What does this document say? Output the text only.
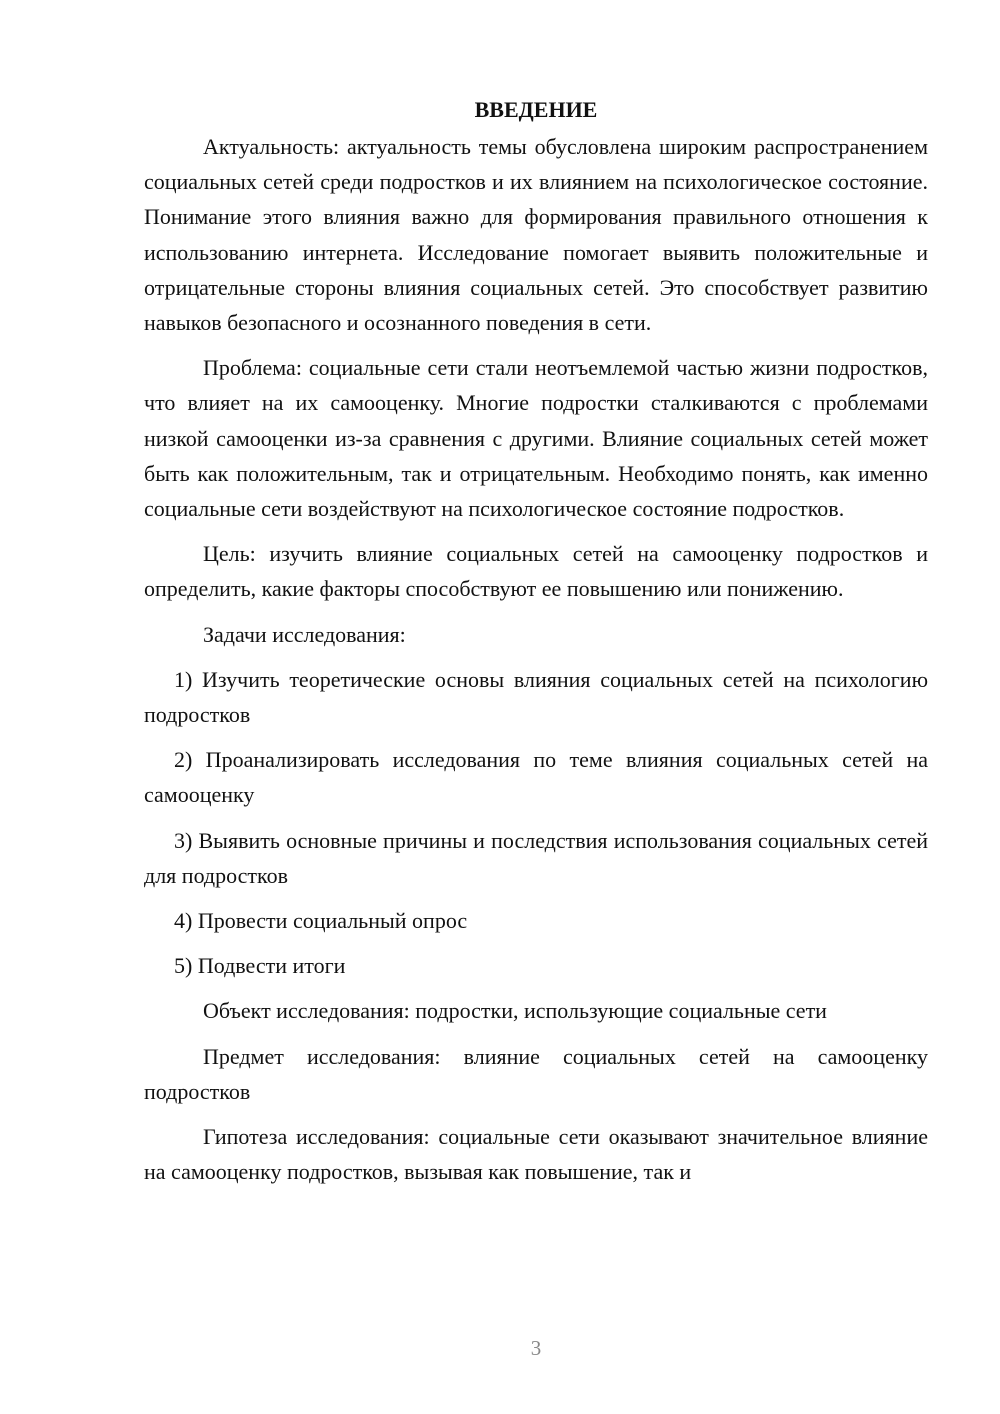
ВВЕДЕНИЕ

Актуальность: актуальность темы обусловлена широким распространением социальных сетей среди подростков и их влиянием на психологическое состояние. Понимание этого влияния важно для формирования правильного отношения к использованию интернета. Исследование помогает выявить положительные и отрицательные стороны влияния социальных сетей. Это способствует развитию навыков безопасного и осознанного поведения в сети.

Проблема: социальные сети стали неотъемлемой частью жизни подростков, что влияет на их самооценку. Многие подростки сталкиваются с проблемами низкой самооценки из-за сравнения с другими. Влияние социальных сетей может быть как положительным, так и отрицательным. Необходимо понять, как именно социальные сети воздействуют на психологическое состояние подростков.

Цель: изучить влияние социальных сетей на самооценку подростков и определить, какие факторы способствуют ее повышению или понижению.

Задачи исследования:

1) Изучить теоретические основы влияния социальных сетей на психологию подростков

2) Проанализировать исследования по теме влияния социальных сетей на самооценку

3) Выявить основные причины и последствия использования социальных сетей для подростков

4) Провести социальный опрос

5) Подвести итоги

Объект исследования: подростки, использующие социальные сети

Предмет исследования: влияние социальных сетей на самооценку подростков

Гипотеза исследования: социальные сети оказывают значительное влияние на самооценку подростков, вызывая как повышение, так и

3
